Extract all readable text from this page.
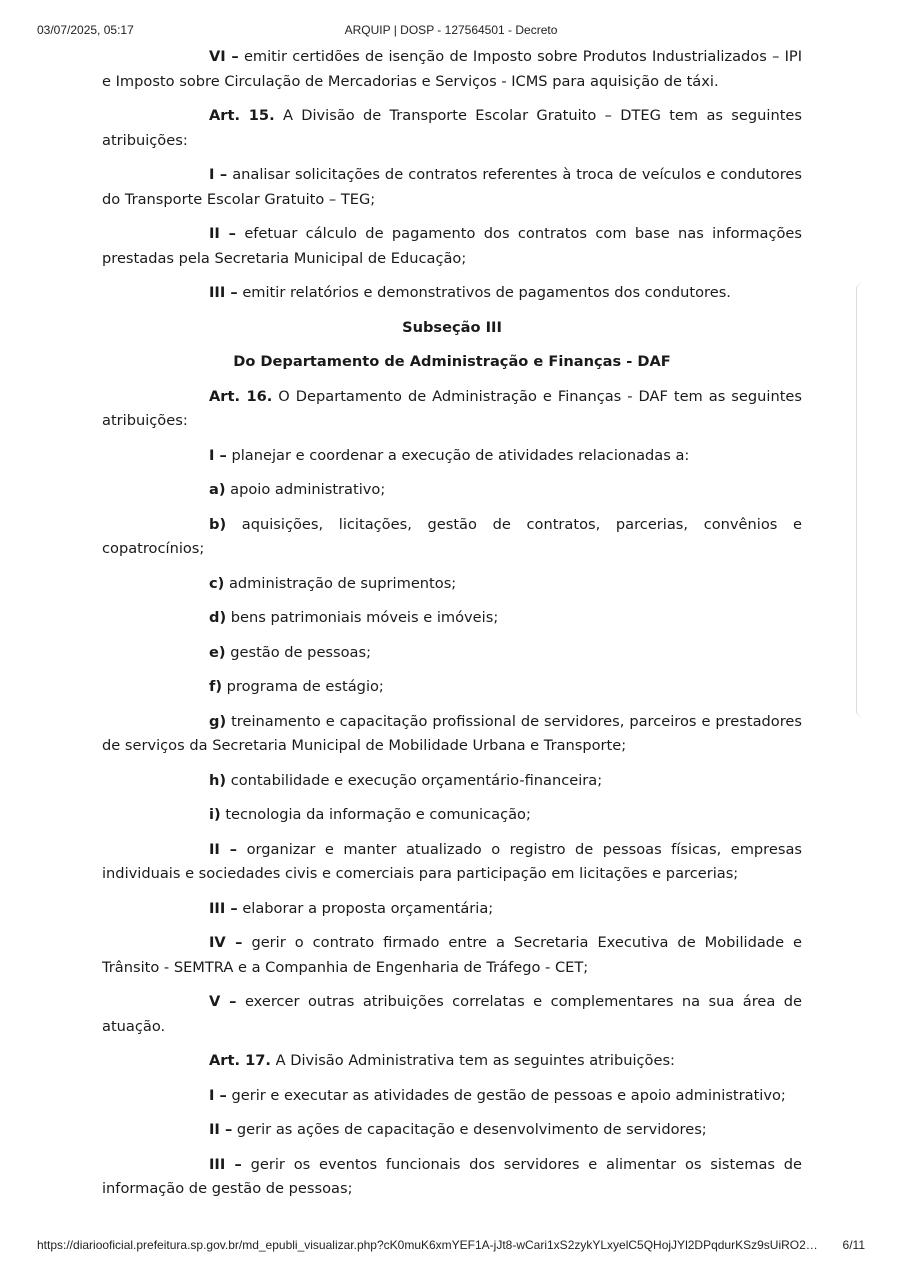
03/07/2025, 05:17	ARQUIP | DOSP - 127564501 - Decreto

VI – emitir certidões de isenção de Imposto sobre Produtos Industrializados – IPI e Imposto sobre Circulação de Mercadorias e Serviços - ICMS para aquisição de táxi.

Art. 15. A Divisão de Transporte Escolar Gratuito – DTEG tem as seguintes atribuições:

I – analisar solicitações de contratos referentes à troca de veículos e condutores do Transporte Escolar Gratuito – TEG;

II – efetuar cálculo de pagamento dos contratos com base nas informações prestadas pela Secretaria Municipal de Educação;

III – emitir relatórios e demonstrativos de pagamentos dos condutores.

Subseção III

Do Departamento de Administração e Finanças - DAF

Art. 16. O Departamento de Administração e Finanças - DAF tem as seguintes atribuições:

I – planejar e coordenar a execução de atividades relacionadas a:

a) apoio administrativo;

b) aquisições, licitações, gestão de contratos, parcerias, convênios e copatrocínios;

c) administração de suprimentos;

d) bens patrimoniais móveis e imóveis;

e) gestão de pessoas;

f) programa de estágio;

g) treinamento e capacitação profissional de servidores, parceiros e prestadores de serviços da Secretaria Municipal de Mobilidade Urbana e Transporte;

h) contabilidade e execução orçamentário-financeira;

i) tecnologia da informação e comunicação;

II – organizar e manter atualizado o registro de pessoas físicas, empresas individuais e sociedades civis e comerciais para participação em licitações e parcerias;

III – elaborar a proposta orçamentária;

IV – gerir o contrato firmado entre a Secretaria Executiva de Mobilidade e Trânsito - SEMTRA e a Companhia de Engenharia de Tráfego - CET;

V – exercer outras atribuições correlatas e complementares na sua área de atuação.

Art. 17. A Divisão Administrativa tem as seguintes atribuições:

I – gerir e executar as atividades de gestão de pessoas e apoio administrativo;

II – gerir as ações de capacitação e desenvolvimento de servidores;

III – gerir os eventos funcionais dos servidores e alimentar os sistemas de informação de gestão de pessoas;

https://diariooficial.prefeitura.sp.gov.br/md_epubli_visualizar.php?cK0muK6xmYEF1A-jJt8-wCari1xS2zykYLxyelC5QHojJYl2DPqdurKSz9sUiRO2…	6/11
